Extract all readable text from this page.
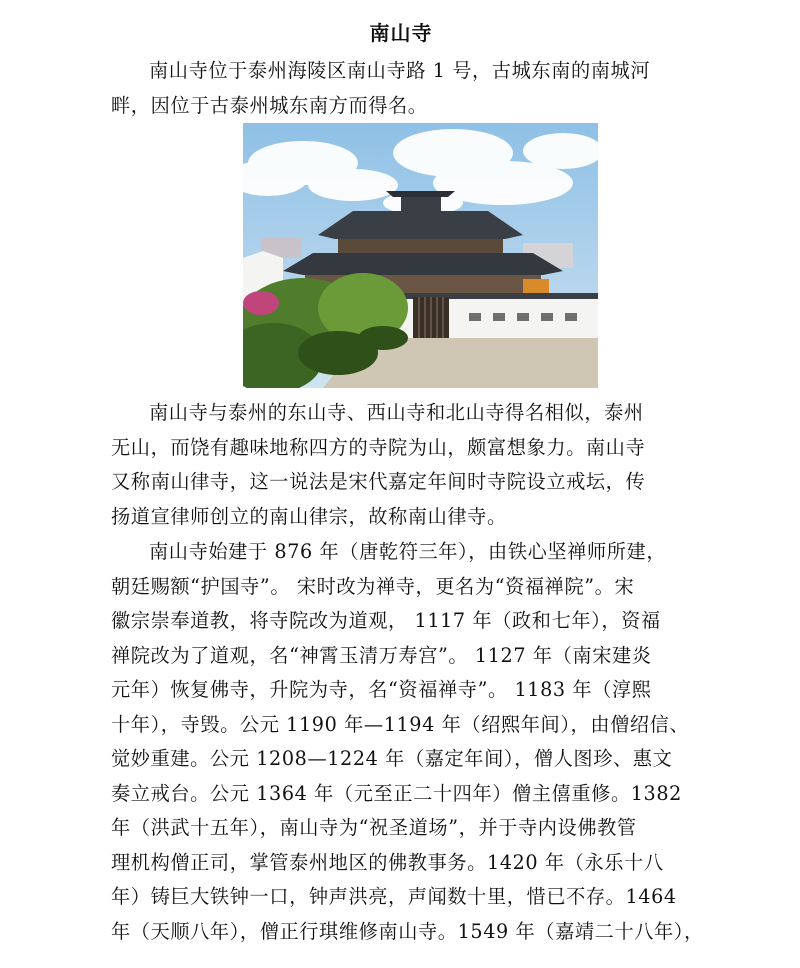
南山寺

南山寺位于泰州海陵区南山寺路 1 号，古城东南的南城河
畔，因位于古泰州城东南方而得名。

南山寺与泰州的东山寺、西山寺和北山寺得名相似，泰州
无山，而饶有趣味地称四方的寺院为山，颇富想象力。南山寺
又称南山律寺，这一说法是宋代嘉定年间时寺院设立戒坛，传
扬道宣律师创立的南山律宗，故称南山律寺。

南山寺始建于 876 年（唐乾符三年），由铁心坚禅师所建，
朝廷赐额“护国寺”。 宋时改为禅寺，更名为“资福禅院”。宋
徽宗崇奉道教，将寺院改为道观， 1117 年（政和七年），资福
禅院改为了道观，名“神霄玉清万寿宫”。 1127 年（南宋建炎
元年）恢复佛寺，升院为寺，名“资福禅寺”。 1183 年（淳熙
十年），寺毁。公元 1190 年—1194 年（绍熙年间），由僧绍信、
觉妙重建。公元 1208—1224 年（嘉定年间），僧人图珍、惠文
奏立戒台。公元 1364 年（元至正二十四年）僧主僖重修。1382
年（洪武十五年），南山寺为“祝圣道场”，并于寺内设佛教管
理机构僧正司，掌管泰州地区的佛教事务。1420 年（永乐十八
年）铸巨大铁钟一口，钟声洪亮，声闻数十里，惜已不存。1464
年（天顺八年），僧正行琪维修南山寺。1549 年（嘉靖二十八年），
